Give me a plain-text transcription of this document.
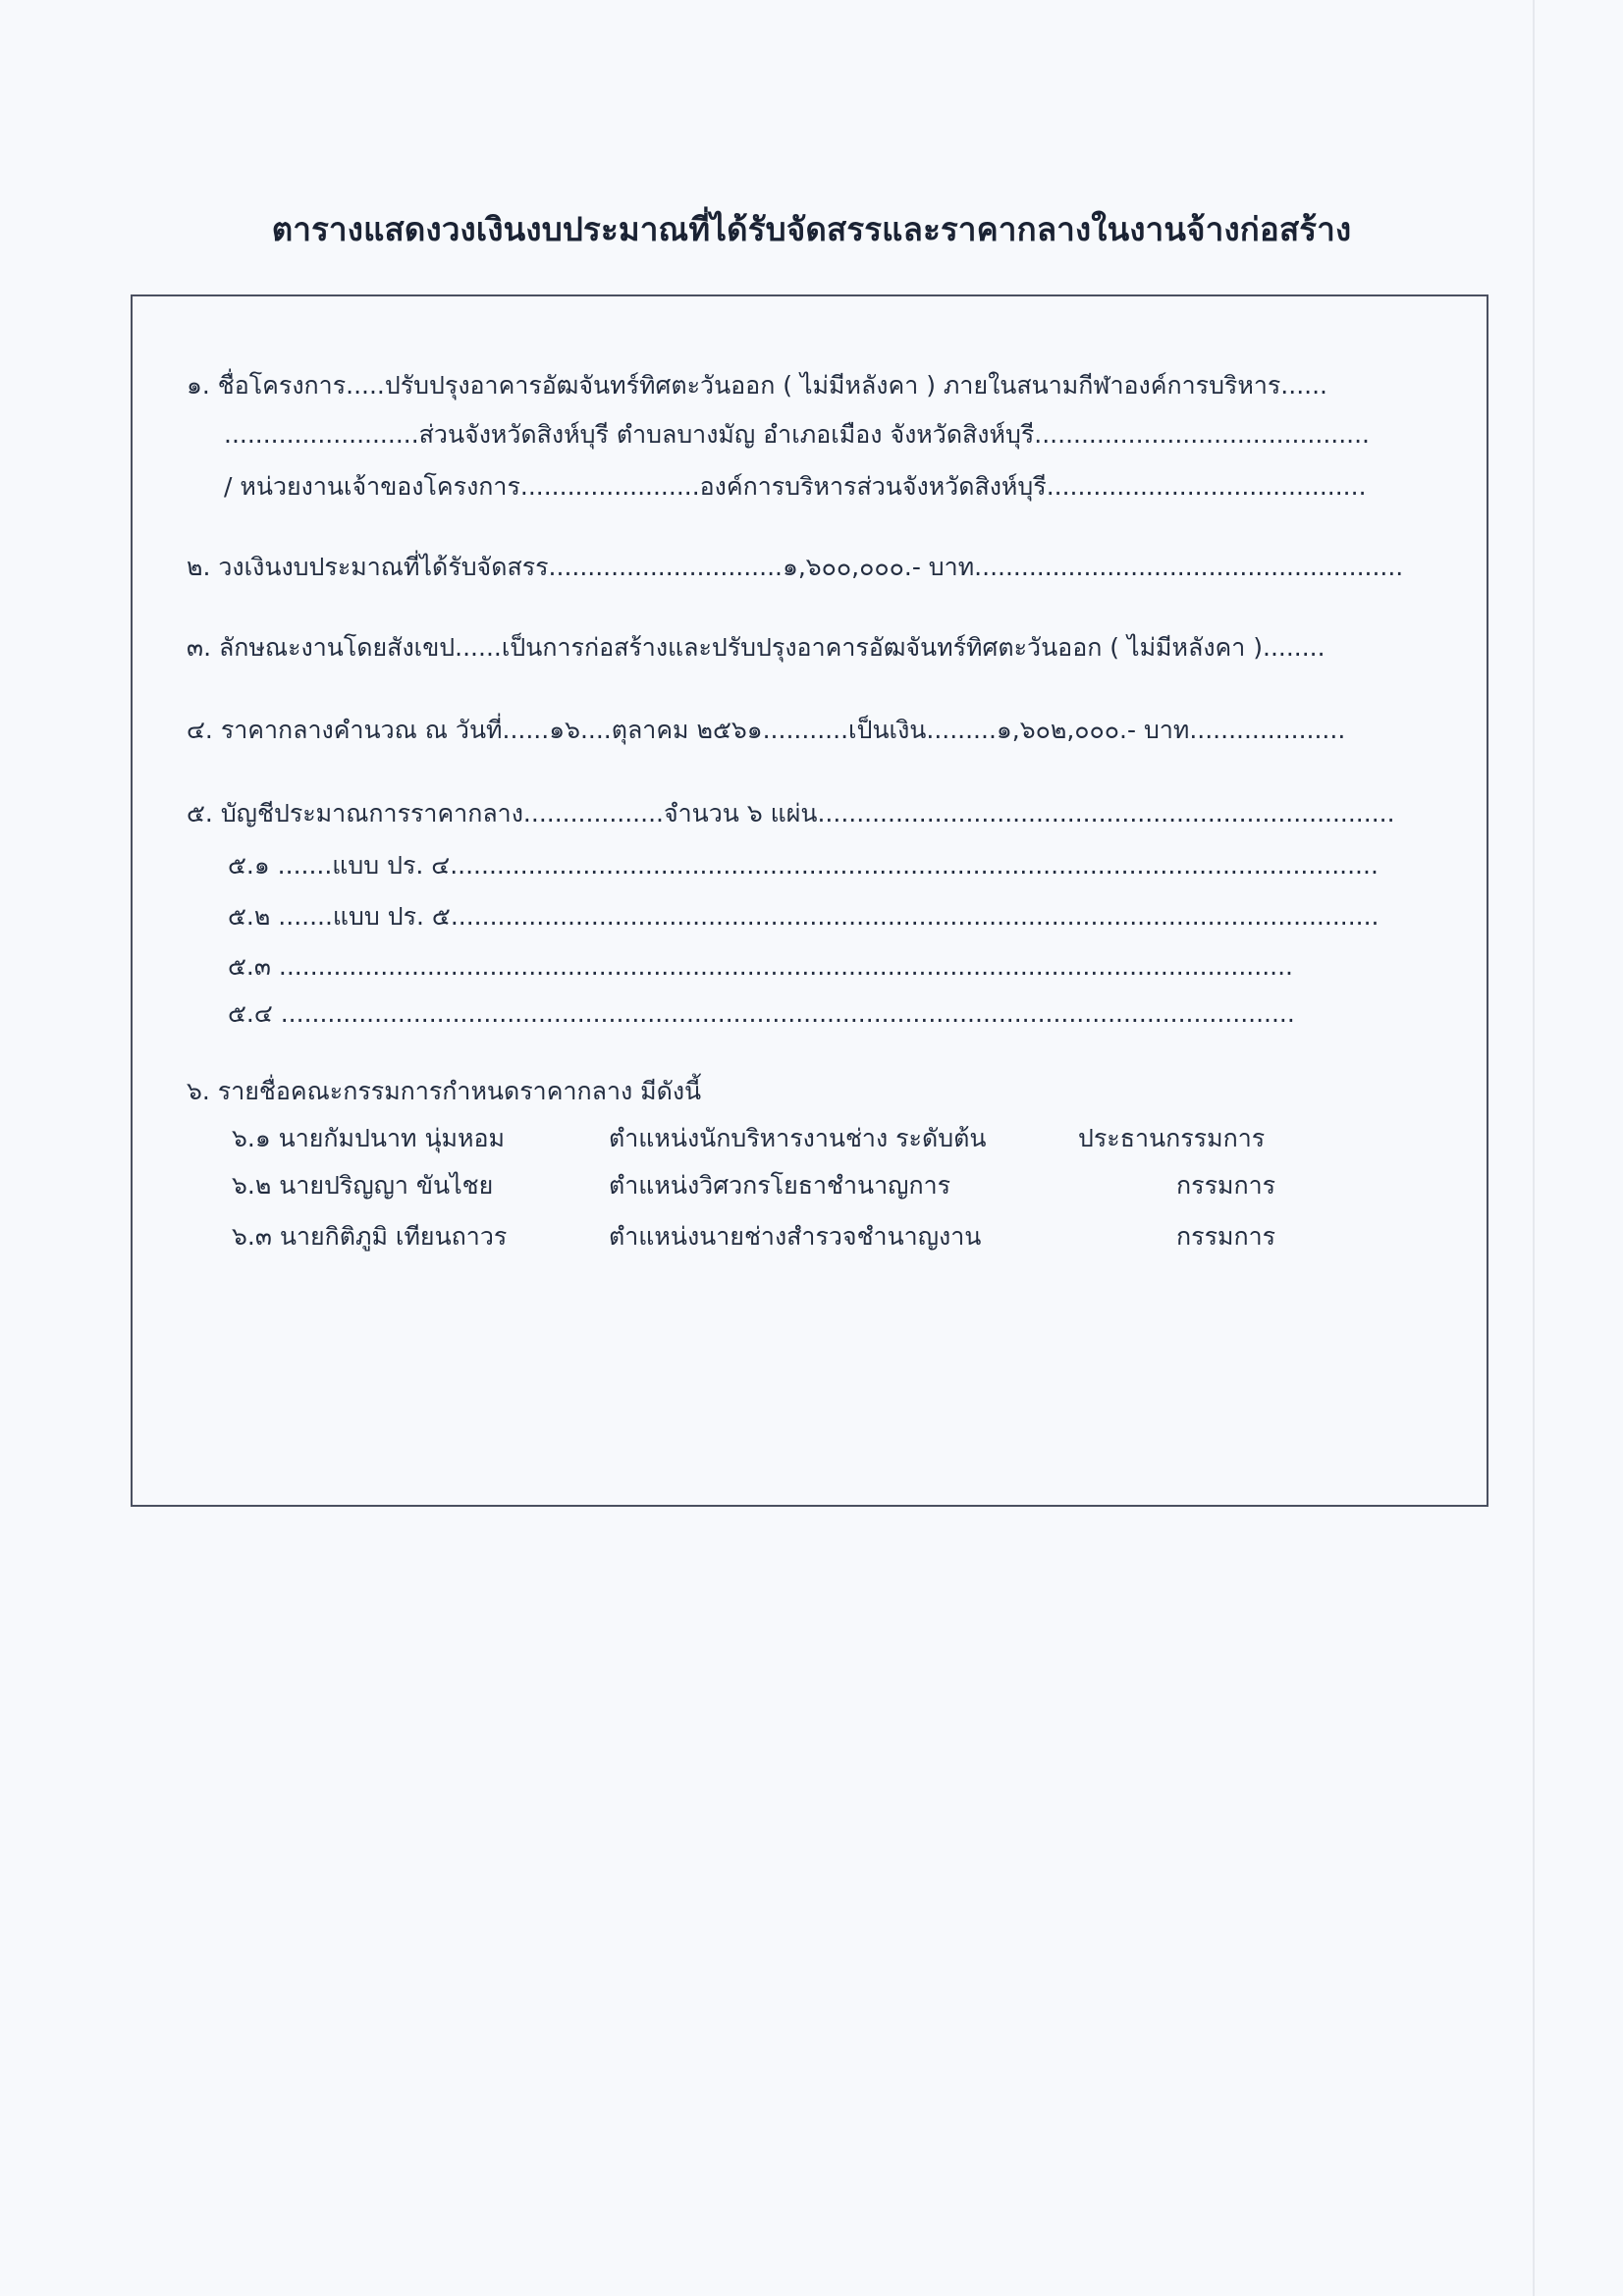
ตารางแสดงวงเงินงบประมาณที่ได้รับจัดสรรและราคากลางในงานจ้างก่อสร้าง
๑. ชื่อโครงการ.....ปรับปรุงอาคารอัฒจันทร์ทิศตะวันออก ( ไม่มีหลังคา ) ภายในสนามกีฬาองค์การบริหาร......
.........................ส่วนจังหวัดสิงห์บุรี ตำบลบางมัญ อำเภอเมือง จังหวัดสิงห์บุรี...........................................
/ หน่วยงานเจ้าของโครงการ.......................องค์การบริหารส่วนจังหวัดสิงห์บุรี.........................................
๒. วงเงินงบประมาณที่ได้รับจัดสรร..............................๑,๖๐๐,๐๐๐.- บาท.......................................................
๓. ลักษณะงานโดยสังเขป......เป็นการก่อสร้างและปรับปรุงอาคารอัฒจันทร์ทิศตะวันออก ( ไม่มีหลังคา )........
๔. ราคากลางคำนวณ ณ วันที่......๑๖....ตุลาคม ๒๕๖๑...........เป็นเงิน.........๑,๖๐๒,๐๐๐.- บาท....................
๕. บัญชีประมาณการราคากลาง..................จำนวน ๖ แผ่น..........................................................................
๕.๑ .......แบบ ปร. ๔.......................................................................................................................
๕.๒ .......แบบ ปร. ๕.......................................................................................................................
๕.๓ ..................................................................................................................................
๕.๔ ..................................................................................................................................
๖. รายชื่อคณะกรรมการกำหนดราคากลาง มีดังนี้
๖.๑ นายกัมปนาท นุ่มหอม	ตำแหน่งนักบริหารงานช่าง ระดับต้น	ประธานกรรมการ
๖.๒ นายปริญญา ขันไชย	ตำแหน่งวิศวกรโยธาชำนาญการ	กรรมการ
๖.๓ นายกิติภูมิ เทียนถาวร	ตำแหน่งนายช่างสำรวจชำนาญงาน	กรรมการ
